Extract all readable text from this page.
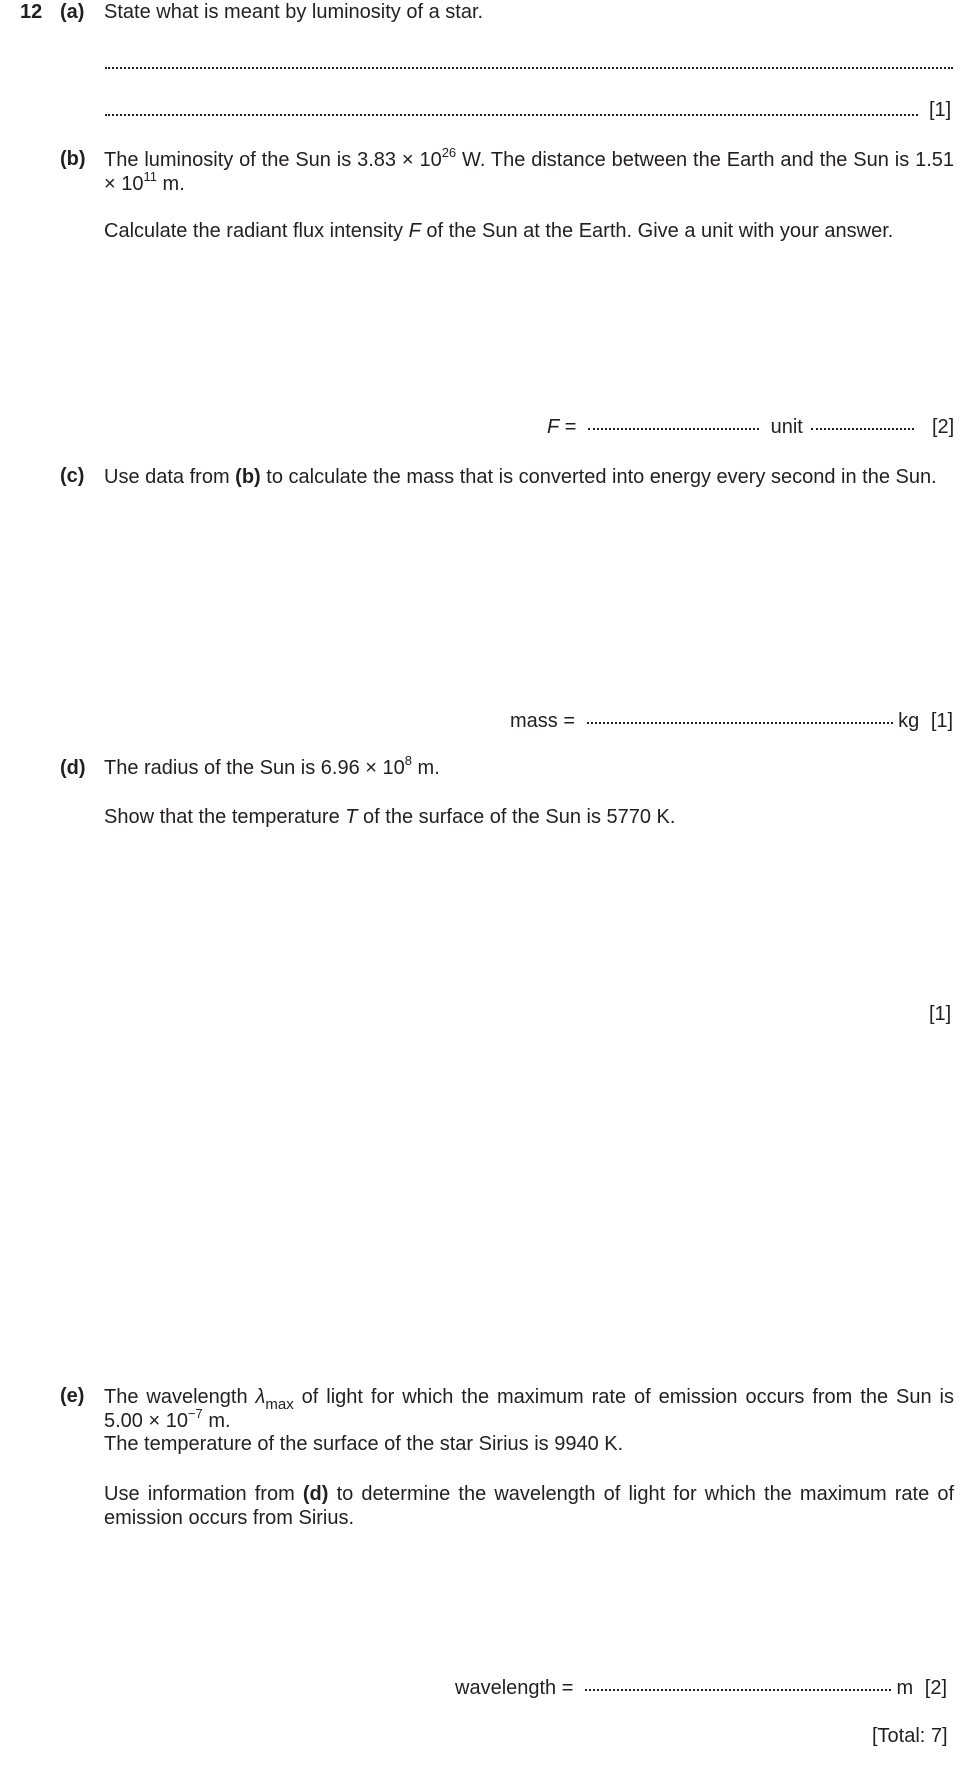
12 (a) State what is meant by luminosity of a star.
[1]
(b) The luminosity of the Sun is $3.83 \times 10^{26}$ W. The distance between the Earth and the Sun is $1.51 \times 10^{11}$ m.
Calculate the radiant flux intensity F of the Sun at the Earth. Give a unit with your answer.
F =	unit	[2]
(c) Use data from (b) to calculate the mass that is converted into energy every second in the Sun.
mass =	kg [1]
(d) The radius of the Sun is $6.96 \times 10^8$ m.
Show that the temperature T of the surface of the Sun is 5770 K.
[1]
(e) The wavelength $\lambda_{max}$ of light for which the maximum rate of emission occurs from the Sun is $5.00 \times 10^{-7}$ m.
The temperature of the surface of the star Sirius is 9940 K.
Use information from (d) to determine the wavelength of light for which the maximum rate of emission occurs from Sirius.
wavelength =	m [2]
[Total: 7]
